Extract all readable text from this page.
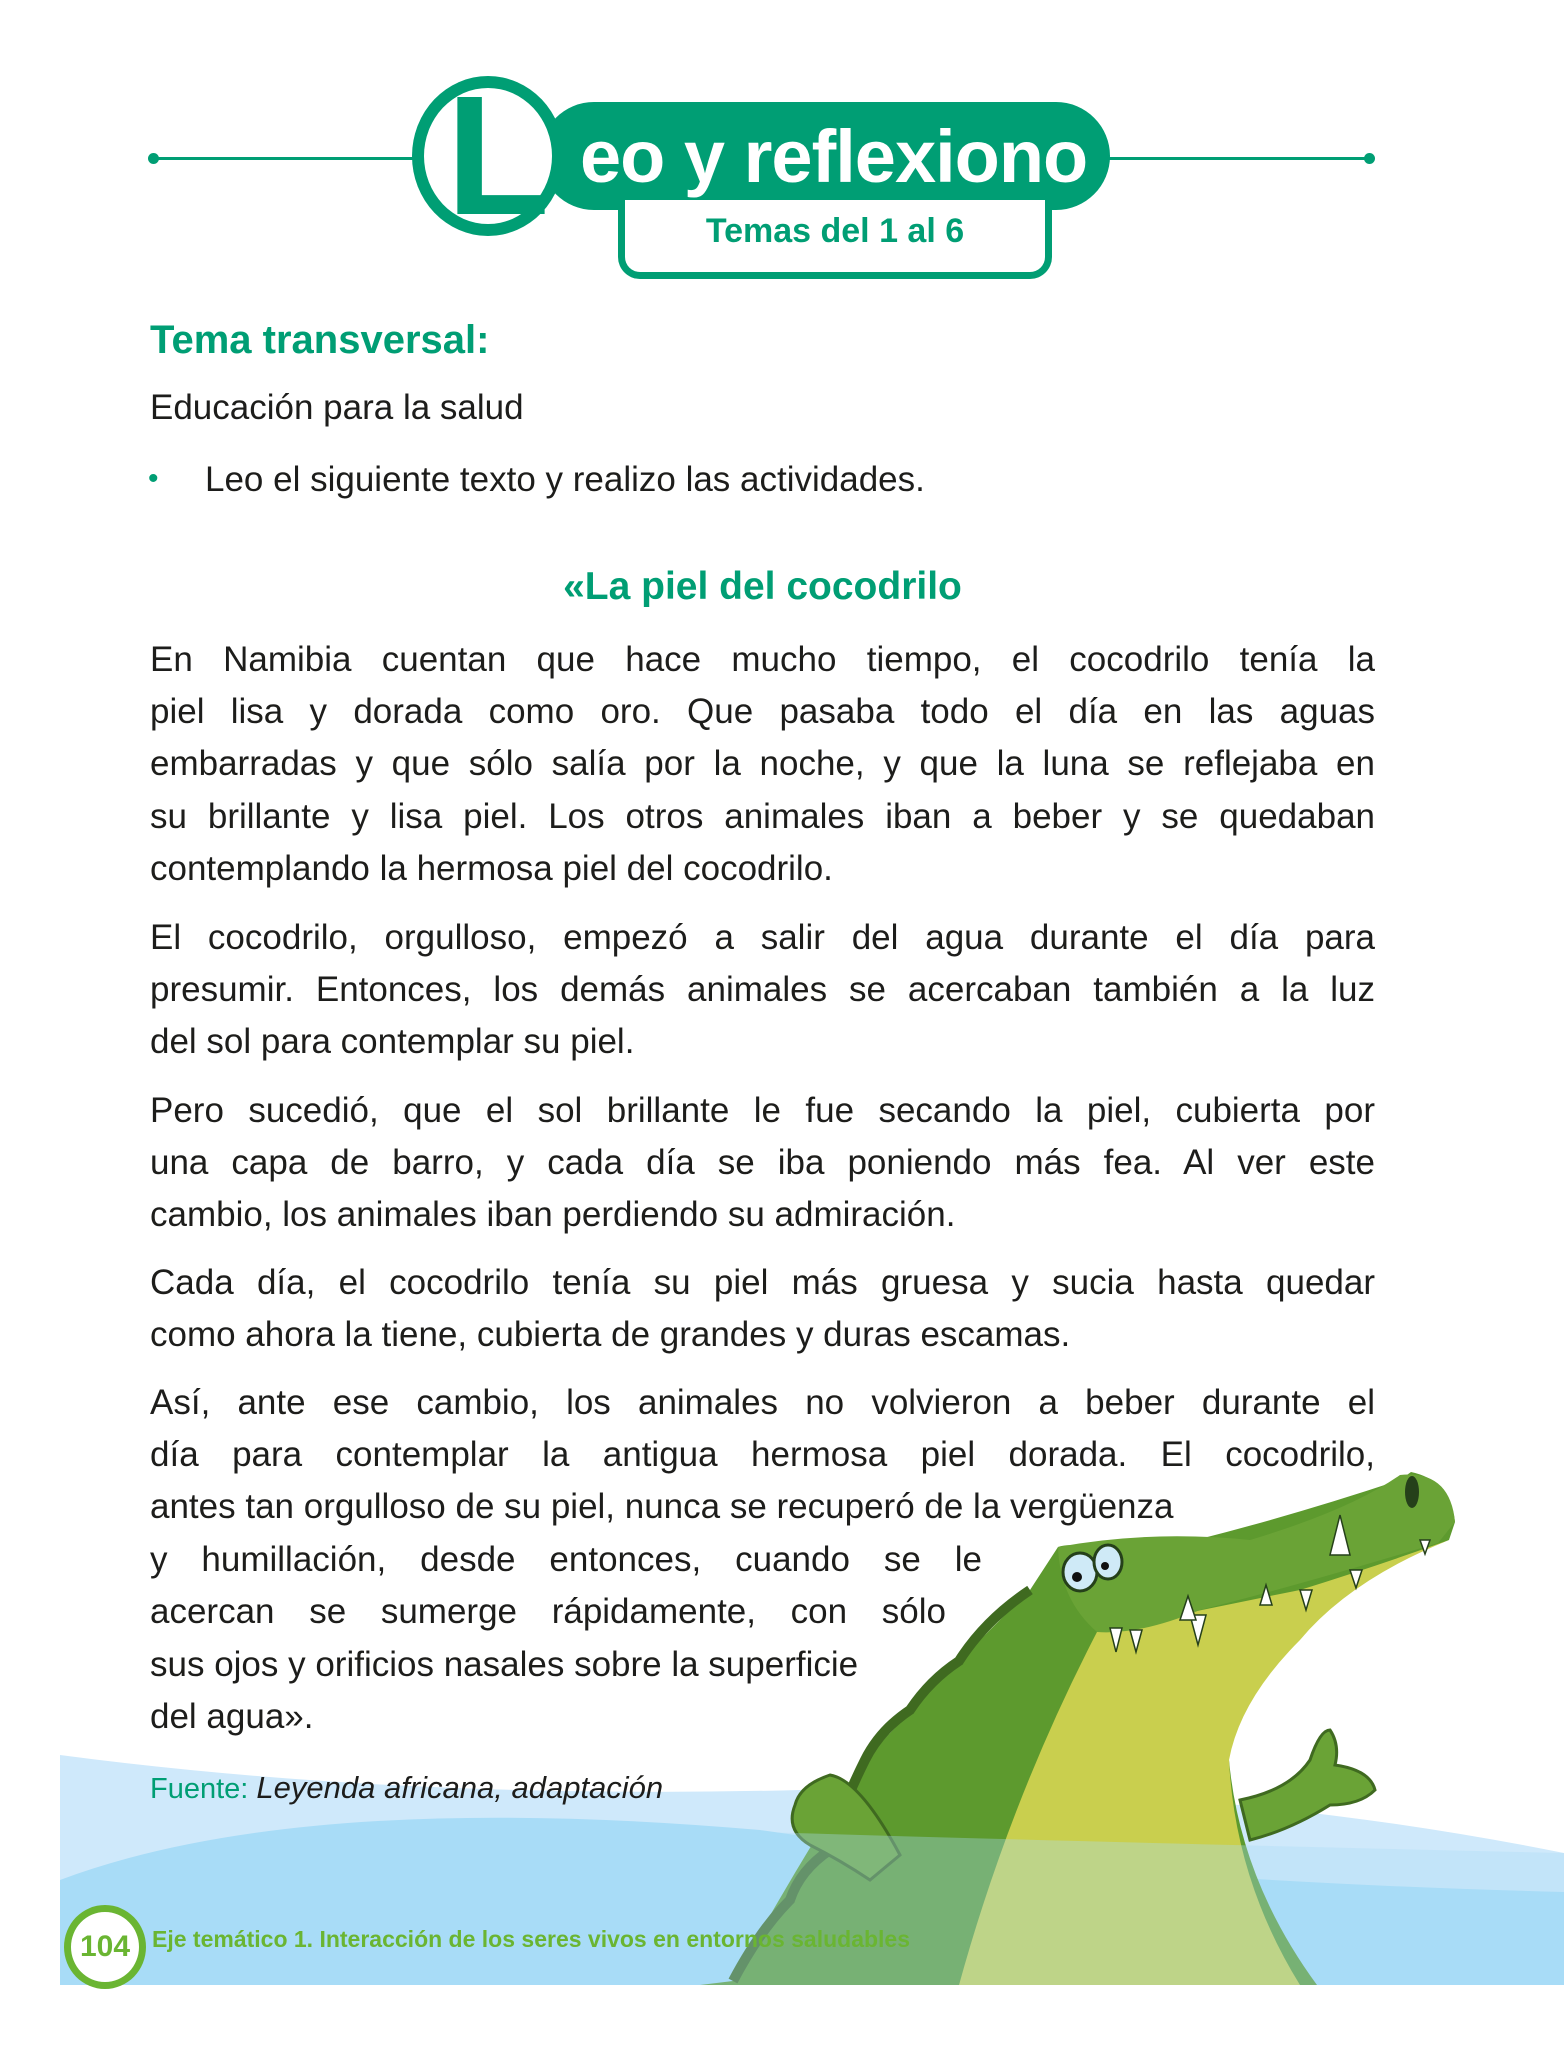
L eo y reflexiono
Temas del 1 al 6
Tema transversal:
Educación para la salud
• Leo el siguiente texto y realizo las actividades.
«La piel del cocodrilo
En Namibia cuentan que hace mucho tiempo, el cocodrilo tenía la
piel lisa y dorada como oro. Que pasaba todo el día en las aguas
embarradas y que sólo salía por la noche, y que la luna se reflejaba en
su brillante y lisa piel. Los otros animales iban a beber y se quedaban
contemplando la hermosa piel del cocodrilo.
El cocodrilo, orgulloso, empezó a salir del agua durante el día para
presumir. Entonces, los demás animales se acercaban también a la luz
del sol para contemplar su piel.
Pero sucedió, que el sol brillante le fue secando la piel, cubierta por
una capa de barro, y cada día se iba poniendo más fea. Al ver este
cambio, los animales iban perdiendo su admiración.
Cada día, el cocodrilo tenía su piel más gruesa y sucia hasta quedar
como ahora la tiene, cubierta de grandes y duras escamas.
Así, ante ese cambio, los animales no volvieron a beber durante el
día para contemplar la antigua hermosa piel dorada. El cocodrilo,
antes tan orgulloso de su piel, nunca se recuperó de la vergüenza
y humillación, desde entonces, cuando se le
acercan se sumerge rápidamente, con sólo
sus ojos y orificios nasales sobre la superficie
del agua».
Fuente: Leyenda africana, adaptación
104 Eje temático 1. Interacción de los seres vivos en entornos saludables
